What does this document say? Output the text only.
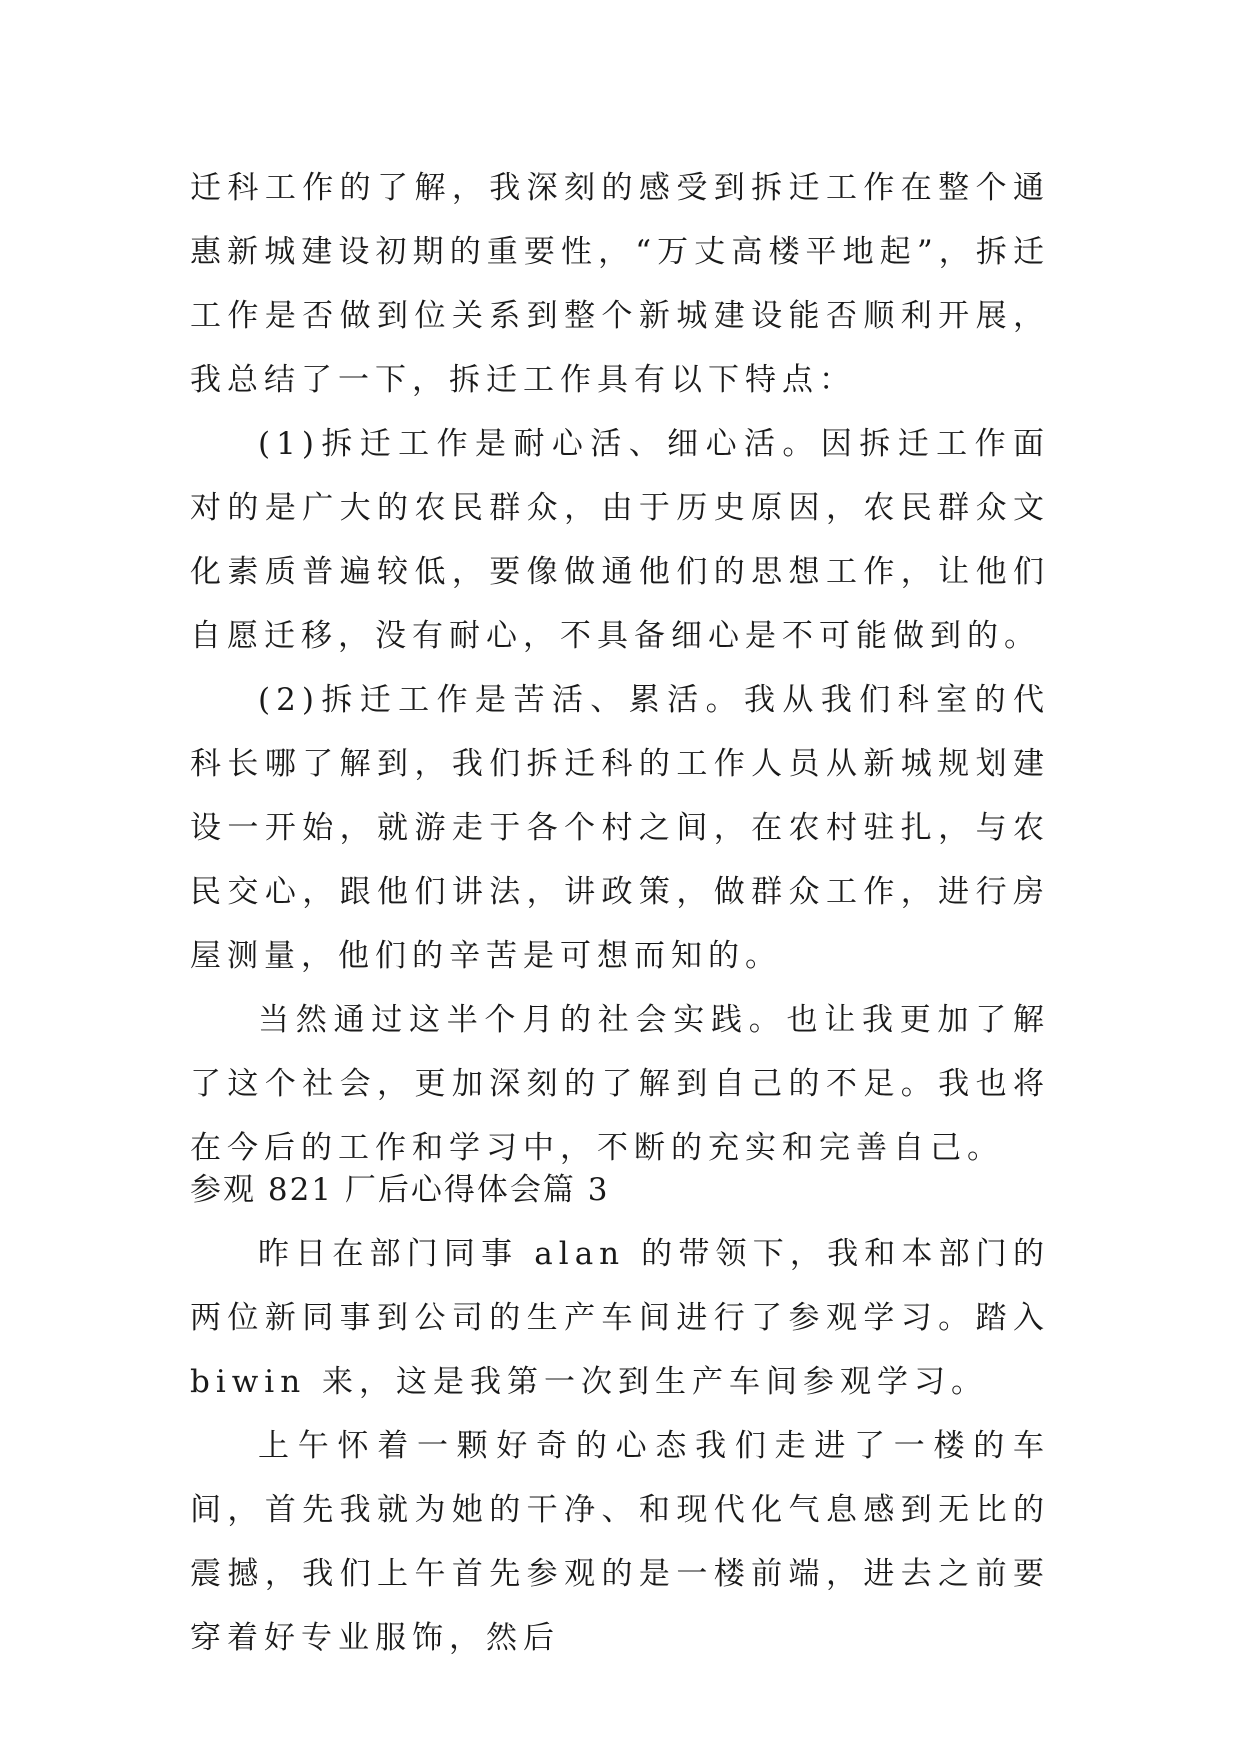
迁科工作的了解，我深刻的感受到拆迁工作在整个通惠新城建设初期的重要性，“万丈高楼平地起”，拆迁工作是否做到位关系到整个新城建设能否顺利开展，我总结了一下，拆迁工作具有以下特点：

(1)拆迁工作是耐心活、细心活。因拆迁工作面对的是广大的农民群众，由于历史原因，农民群众文化素质普遍较低，要像做通他们的思想工作，让他们自愿迁移，没有耐心，不具备细心是不可能做到的。

(2)拆迁工作是苦活、累活。我从我们科室的代科长哪了解到，我们拆迁科的工作人员从新城规划建设一开始，就游走于各个村之间，在农村驻扎，与农民交心，跟他们讲法，讲政策，做群众工作，进行房屋测量，他们的辛苦是可想而知的。

当然通过这半个月的社会实践。也让我更加了解了这个社会，更加深刻的了解到自己的不足。我也将在今后的工作和学习中，不断的充实和完善自己。

参观 821 厂后心得体会篇 3

昨日在部门同事 alan 的带领下，我和本部门的两位新同事到公司的生产车间进行了参观学习。踏入 biwin 来，这是我第一次到生产车间参观学习。

上午怀着一颗好奇的心态我们走进了一楼的车间，首先我就为她的干净、和现代化气息感到无比的震撼，我们上午首先参观的是一楼前端，进去之前要穿着好专业服饰，然后
